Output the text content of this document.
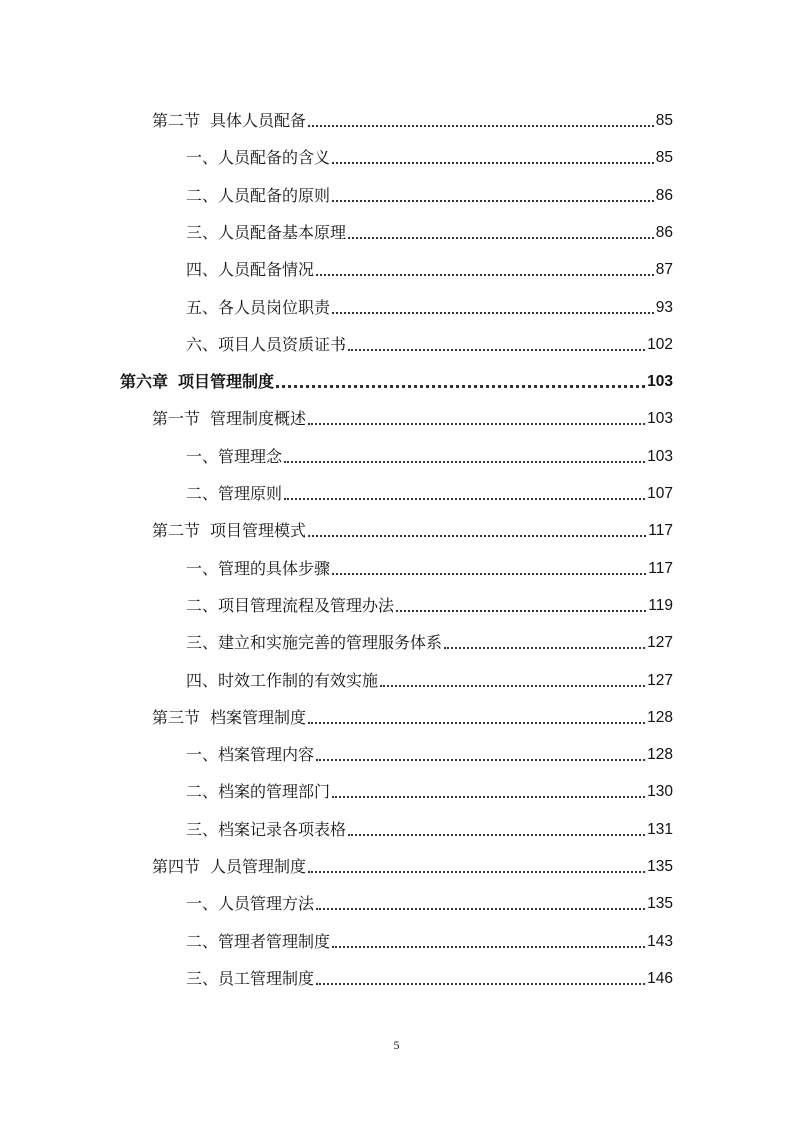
第二节 具体人员配备	85
一、人员配备的含义	85
二、人员配备的原则	86
三、人员配备基本原理	86
四、人员配备情况	87
五、各人员岗位职责	93
六、项目人员资质证书	102
第六章 项目管理制度	103
第一节 管理制度概述	103
一、管理理念	103
二、管理原则	107
第二节 项目管理模式	117
一、管理的具体步骤	117
二、项目管理流程及管理办法	119
三、建立和实施完善的管理服务体系	127
四、时效工作制的有效实施	127
第三节 档案管理制度	128
一、档案管理内容	128
二、档案的管理部门	130
三、档案记录各项表格	131
第四节 人员管理制度	135
一、人员管理方法	135
二、管理者管理制度	143
三、员工管理制度	146
5
